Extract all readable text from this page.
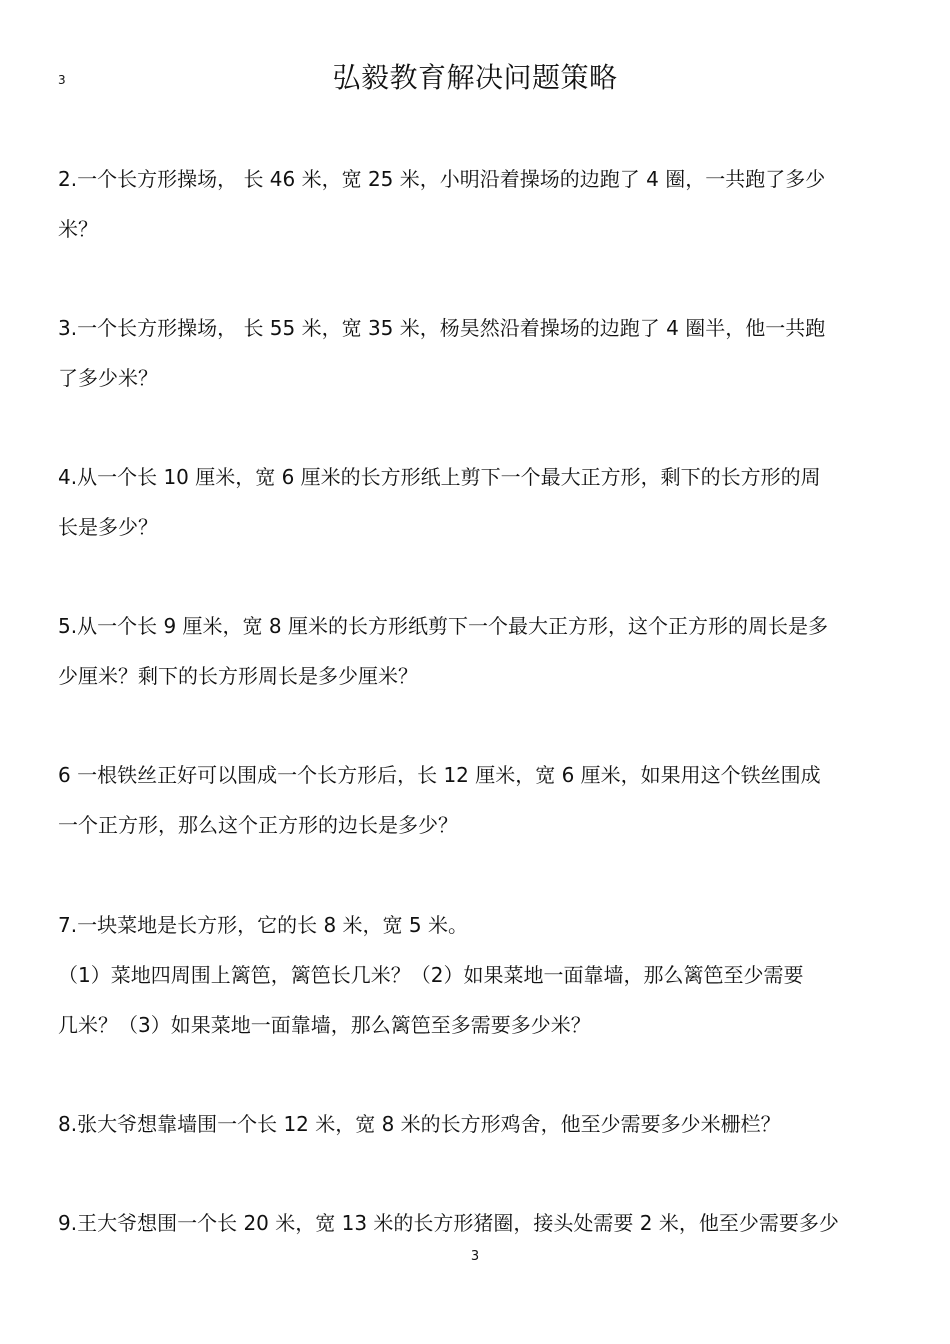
3	弘毅教育解决问题策略
2.一个长方形操场， 长 46 米，宽 25 米，小明沿着操场的边跑了 4 圈，一共跑了多少
米？
3.一个长方形操场， 长 55 米，宽 35 米，杨昊然沿着操场的边跑了 4 圈半，他一共跑
了多少米？
4.从一个长 10 厘米，宽 6 厘米的长方形纸上剪下一个最大正方形，剩下的长方形的周
长是多少？
5.从一个长 9 厘米，宽 8 厘米的长方形纸剪下一个最大正方形，这个正方形的周长是多
少厘米？剩下的长方形周长是多少厘米？
6 一根铁丝正好可以围成一个长方形后，长 12 厘米，宽 6 厘米，如果用这个铁丝围成
一个正方形，那么这个正方形的边长是多少？
7.一块菜地是长方形，它的长 8 米，宽 5 米。
（1）菜地四周围上篱笆，篱笆长几米？（2）如果菜地一面靠墙，那么篱笆至少需要
几米？（3）如果菜地一面靠墙，那么篱笆至多需要多少米？
8.张大爷想靠墙围一个长 12 米，宽 8 米的长方形鸡舍，他至少需要多少米栅栏？
9.王大爷想围一个长 20 米，宽 13 米的长方形猪圈，接头处需要 2 米，他至少需要多少
3
